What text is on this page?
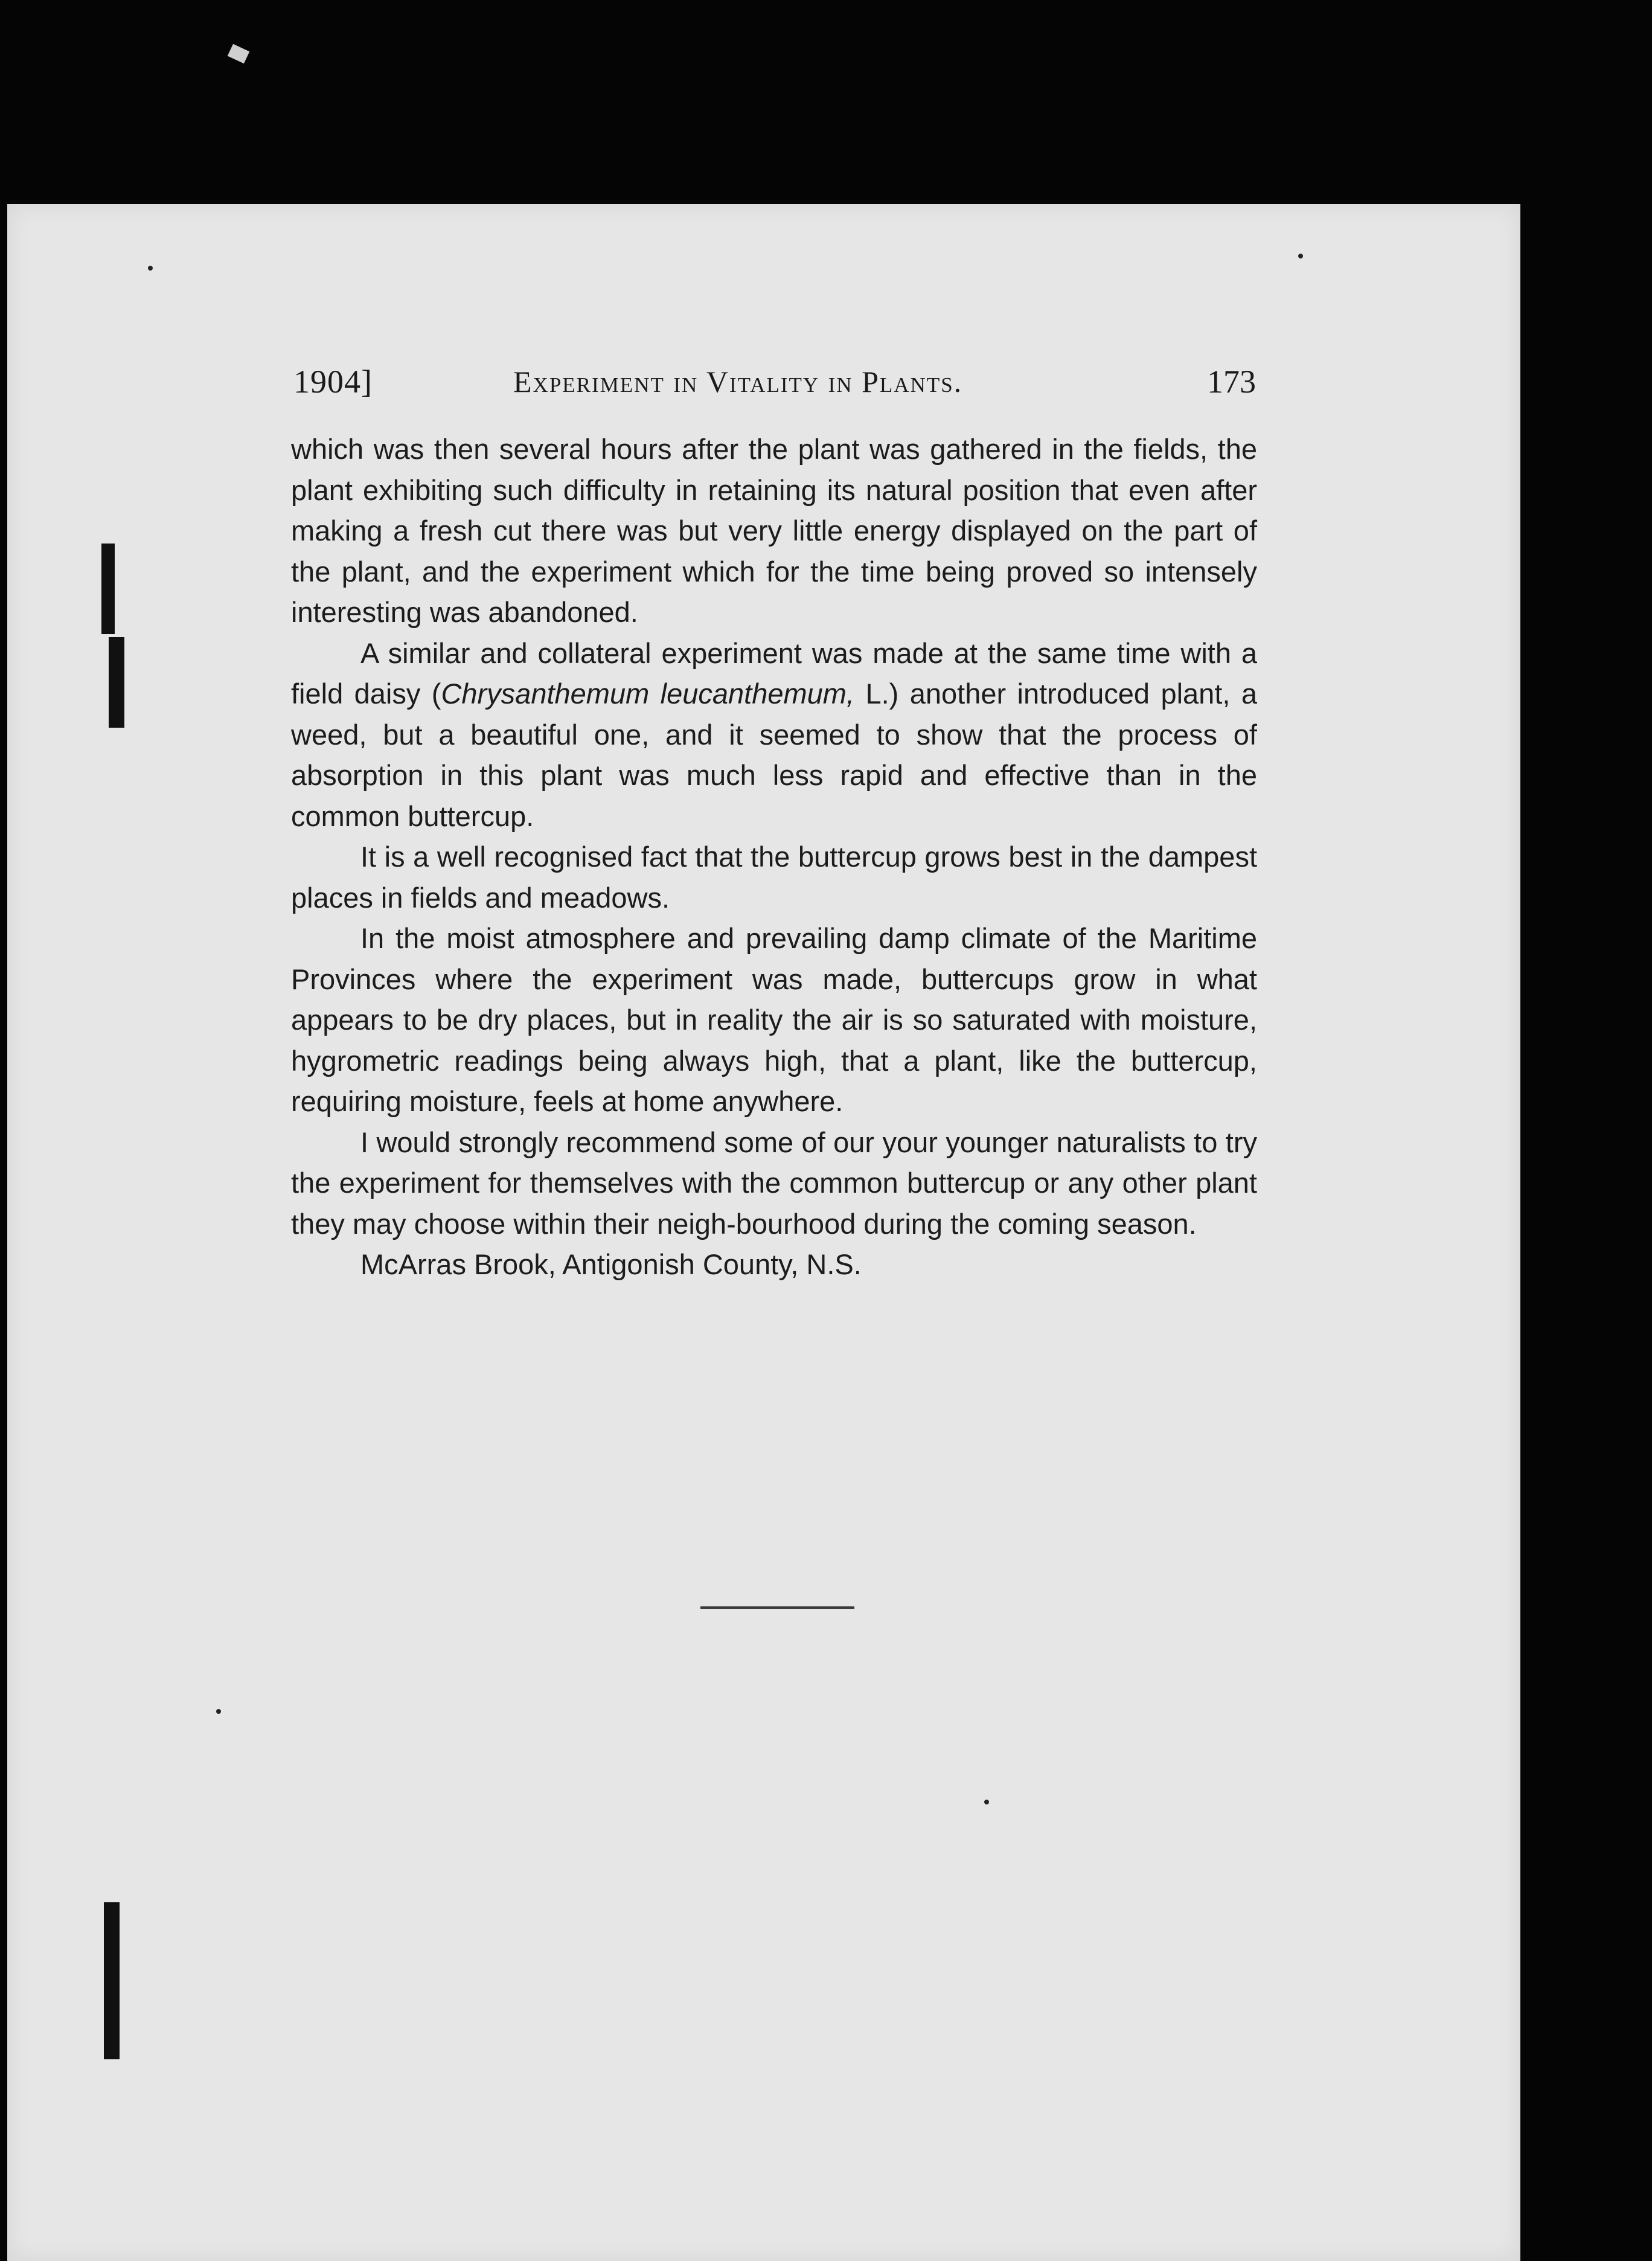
1904]	Experiment in Vitality in Plants.	173

which was then several hours after the plant was gathered in the fields, the plant exhibiting such difficulty in retaining its natural position that even after making a fresh cut there was but very little energy displayed on the part of the plant, and the experiment which for the time being proved so intensely interesting was abandoned.

A similar and collateral experiment was made at the same time with a field daisy (Chrysanthemum leucanthemum, L.) another introduced plant, a weed, but a beautiful one, and it seemed to show that the process of absorption in this plant was much less rapid and effective than in the common buttercup.

It is a well recognised fact that the buttercup grows best in the dampest places in fields and meadows.

In the moist atmosphere and prevailing damp climate of the Maritime Provinces where the experiment was made, buttercups grow in what appears to be dry places, but in reality the air is so saturated with moisture, hygrometric readings being always high, that a plant, like the buttercup, requiring moisture, feels at home anywhere.

I would strongly recommend some of our your younger naturalists to try the experiment for themselves with the common buttercup or any other plant they may choose within their neigh-bourhood during the coming season.

McArras Brook, Antigonish County, N.S.
